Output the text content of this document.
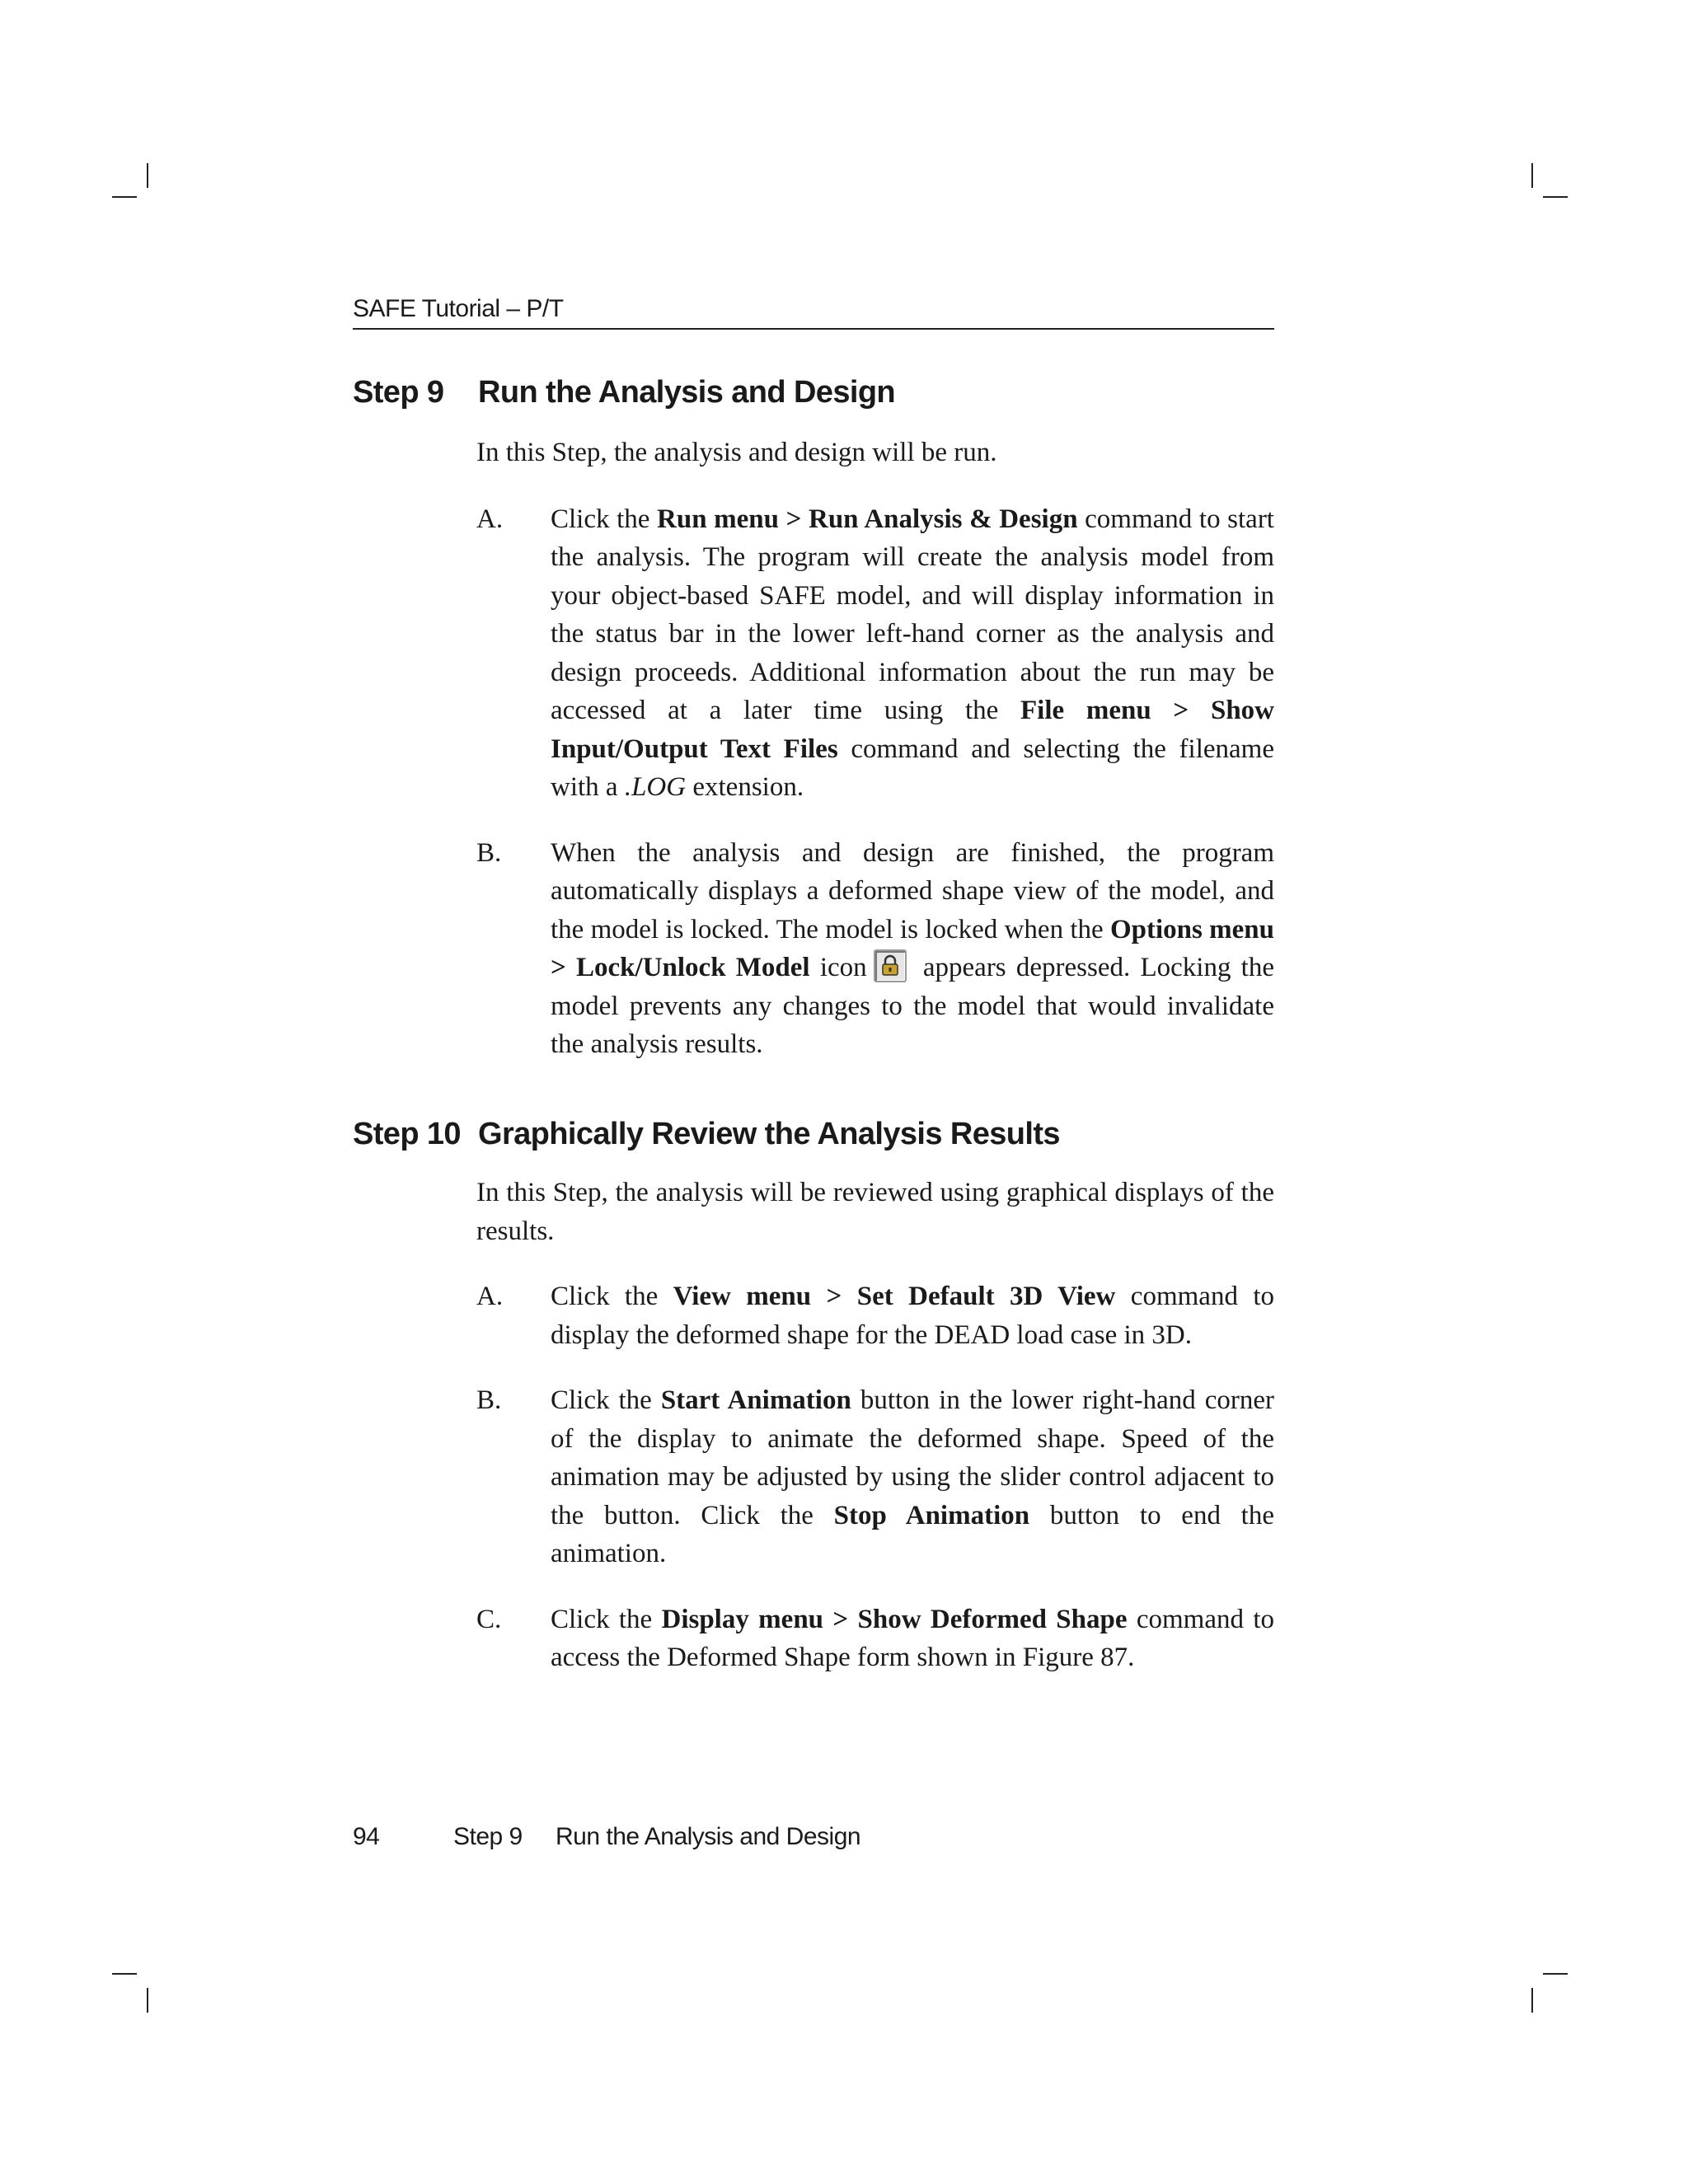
SAFE Tutorial – P/T
Step 9 Run the Analysis and Design

In this Step, the analysis and design will be run.

A.	Click the Run menu > Run Analysis & Design command to start the analysis. The program will create the analysis model from your object-based SAFE model, and will display information in the status bar in the lower left-hand corner as the analysis and design proceeds. Additional information about the run may be accessed at a later time using the File menu > Show Input/Output Text Files command and selecting the filename with a .LOG extension.
B.	When the analysis and design are finished, the program automatically displays a deformed shape view of the model, and the model is locked. The model is locked when the Options menu > Lock/Unlock Model icon
appears depressed. Locking the model prevents any changes to the model that would invalidate the analysis results.
Step 10 Graphically Review the Analysis Results

In this Step, the analysis will be reviewed using graphical displays of the results.

A.	Click the View menu > Set Default 3D View command to display the deformed shape for the DEAD load case in 3D.
B.	Click the Start Animation button in the lower right-hand corner of the display to animate the deformed shape. Speed of the animation may be adjusted by using the slider control adjacent to the button. Click the Stop Animation button to end the animation.
C.	Click the Display menu > Show Deformed Shape command to access the Deformed Shape form shown in Figure 87.
94	Step 9 Run the Analysis and Design
